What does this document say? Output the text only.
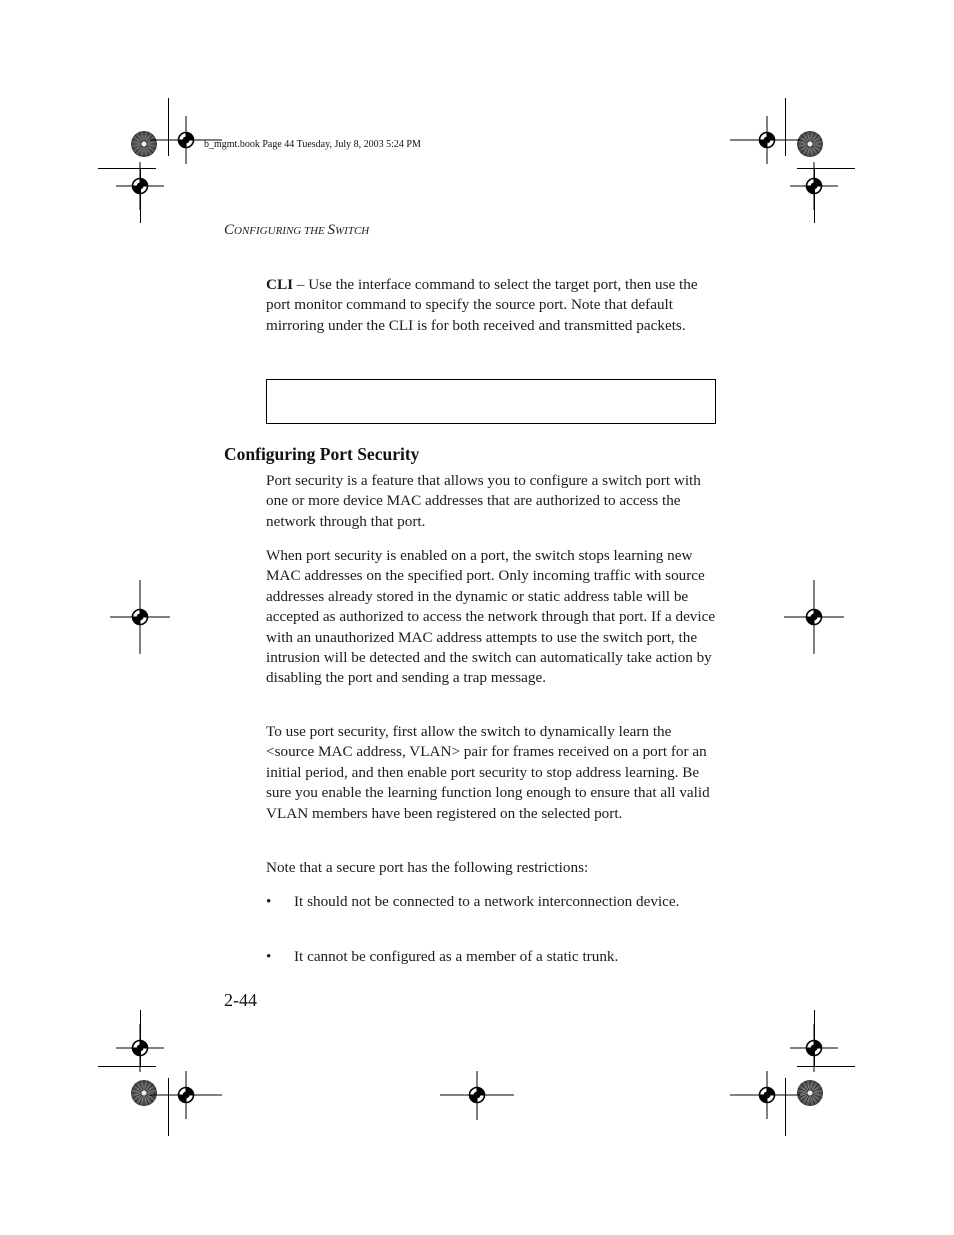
b_mgmt.book Page 44 Tuesday, July 8, 2003 5:24 PM
CONFIGURING THE SWITCH

CLI – Use the interface command to select the target port, then use the port monitor command to specify the source port. Note that default mirroring under the CLI is for both received and transmitted packets.

Configuring Port Security

Port security is a feature that allows you to configure a switch port with one or more device MAC addresses that are authorized to access the network through that port.

When port security is enabled on a port, the switch stops learning new MAC addresses on the specified port. Only incoming traffic with source addresses already stored in the dynamic or static address table will be accepted as authorized to access the network through that port. If a device with an unauthorized MAC address attempts to use the switch port, the intrusion will be detected and the switch can automatically take action by disabling the port and sending a trap message.

To use port security, first allow the switch to dynamically learn the <source MAC address, VLAN> pair for frames received on a port for an initial period, and then enable port security to stop address learning. Be sure you enable the learning function long enough to ensure that all valid VLAN members have been registered on the selected port.

Note that a secure port has the following restrictions:

•	It should not be connected to a network interconnection device.
•	It cannot be configured as a member of a static trunk.
2-44
